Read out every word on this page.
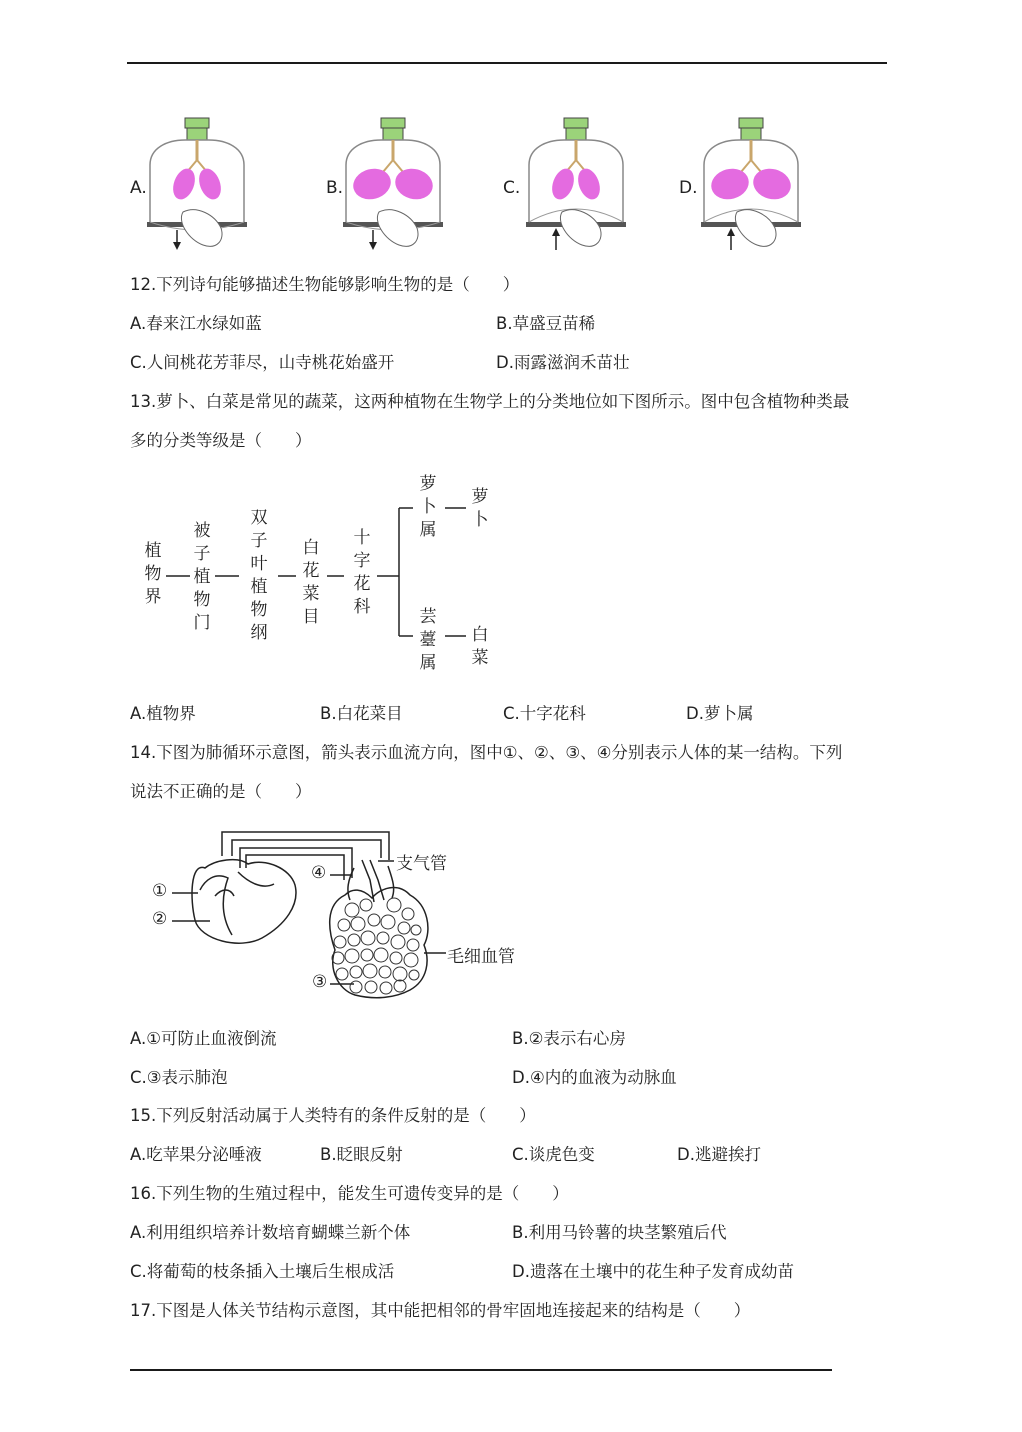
A.	B.	C.	D.
12.下列诗句能够描述生物能够影响生物的是（　　）
A.春来江水绿如蓝	B.草盛豆苗稀
C.人间桃花芳菲尽，山寺桃花始盛开	D.雨露滋润禾苗壮
13.萝卜、白菜是常见的蔬菜，这两种植物在生物学上的分类地位如下图所示。图中包含植物种类最
多的分类等级是（　　）
植
物
界
被
子
植
物
门
双
子
叶
植
物
纲
白
花
菜
目
十
字
花
科
萝
卜
属
萝
卜
芸
薹
属
白
菜
A.植物界	B.白花菜目	C.十字花科	D.萝卜属
14.下图为肺循环示意图，箭头表示血流方向，图中①、②、③、④分别表示人体的某一结构。下列
说法不正确的是（　　）
①
②
④
③
支气管
毛细血管
A.①可防止血液倒流	B.②表示右心房
C.③表示肺泡	D.④内的血液为动脉血
15.下列反射活动属于人类特有的条件反射的是（　　）
A.吃苹果分泌唾液	B.眨眼反射	C.谈虎色变	D.逃避挨打
16.下列生物的生殖过程中，能发生可遗传变异的是（　　）
A.利用组织培养计数培育蝴蝶兰新个体	B.利用马铃薯的块茎繁殖后代
C.将葡萄的枝条插入土壤后生根成活	D.遗落在土壤中的花生种子发育成幼苗
17.下图是人体关节结构示意图，其中能把相邻的骨牢固地连接起来的结构是（　　）
